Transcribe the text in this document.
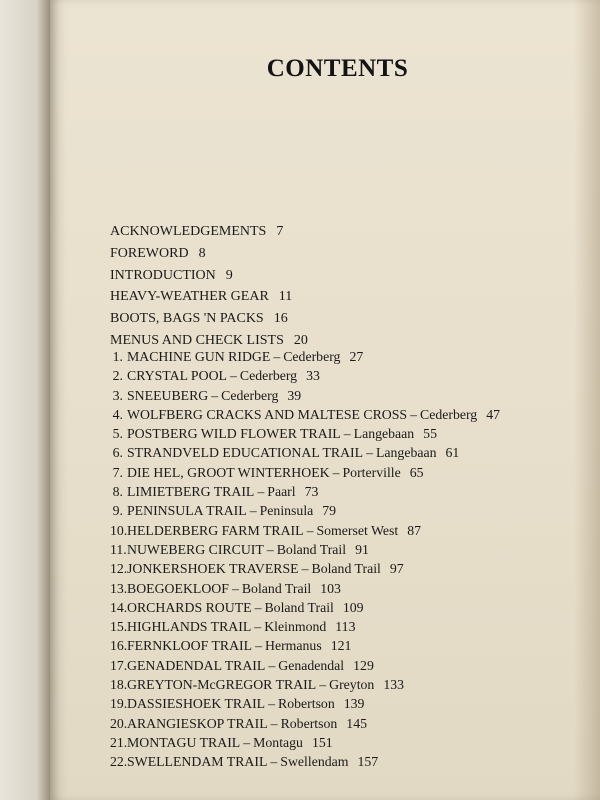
CONTENTS
ACKNOWLEDGEMENTS 7
FOREWORD 8
INTRODUCTION 9
HEAVY-WEATHER GEAR 11
BOOTS, BAGS 'N PACKS 16
MENUS AND CHECK LISTS 20
1. MACHINE GUN RIDGE – Cederberg 27
2. CRYSTAL POOL – Cederberg 33
3. SNEEUBERG – Cederberg 39
4. WOLFBERG CRACKS AND MALTESE CROSS – Cederberg 47
5. POSTBERG WILD FLOWER TRAIL – Langebaan 55
6. STRANDVELD EDUCATIONAL TRAIL – Langebaan 61
7. DIE HEL, GROOT WINTERHOEK – Porterville 65
8. LIMIETBERG TRAIL – Paarl 73
9. PENINSULA TRAIL – Peninsula 79
10.HELDERBERG FARM TRAIL – Somerset West 87
11.NUWEBERG CIRCUIT – Boland Trail 91
12.JONKERSHOEK TRAVERSE – Boland Trail 97
13.BOEGOEKLOOF – Boland Trail 103
14.ORCHARDS ROUTE – Boland Trail 109
15.HIGHLANDS TRAIL – Kleinmond 113
16.FERNKLOOF TRAIL – Hermanus 121
17.GENADENDAL TRAIL – Genadendal 129
18.GREYTON-McGREGOR TRAIL – Greyton 133
19.DASSIESHOEK TRAIL – Robertson 139
20.ARANGIESKOP TRAIL – Robertson 145
21.MONTAGU TRAIL – Montagu 151
22.SWELLENDAM TRAIL – Swellendam 157
